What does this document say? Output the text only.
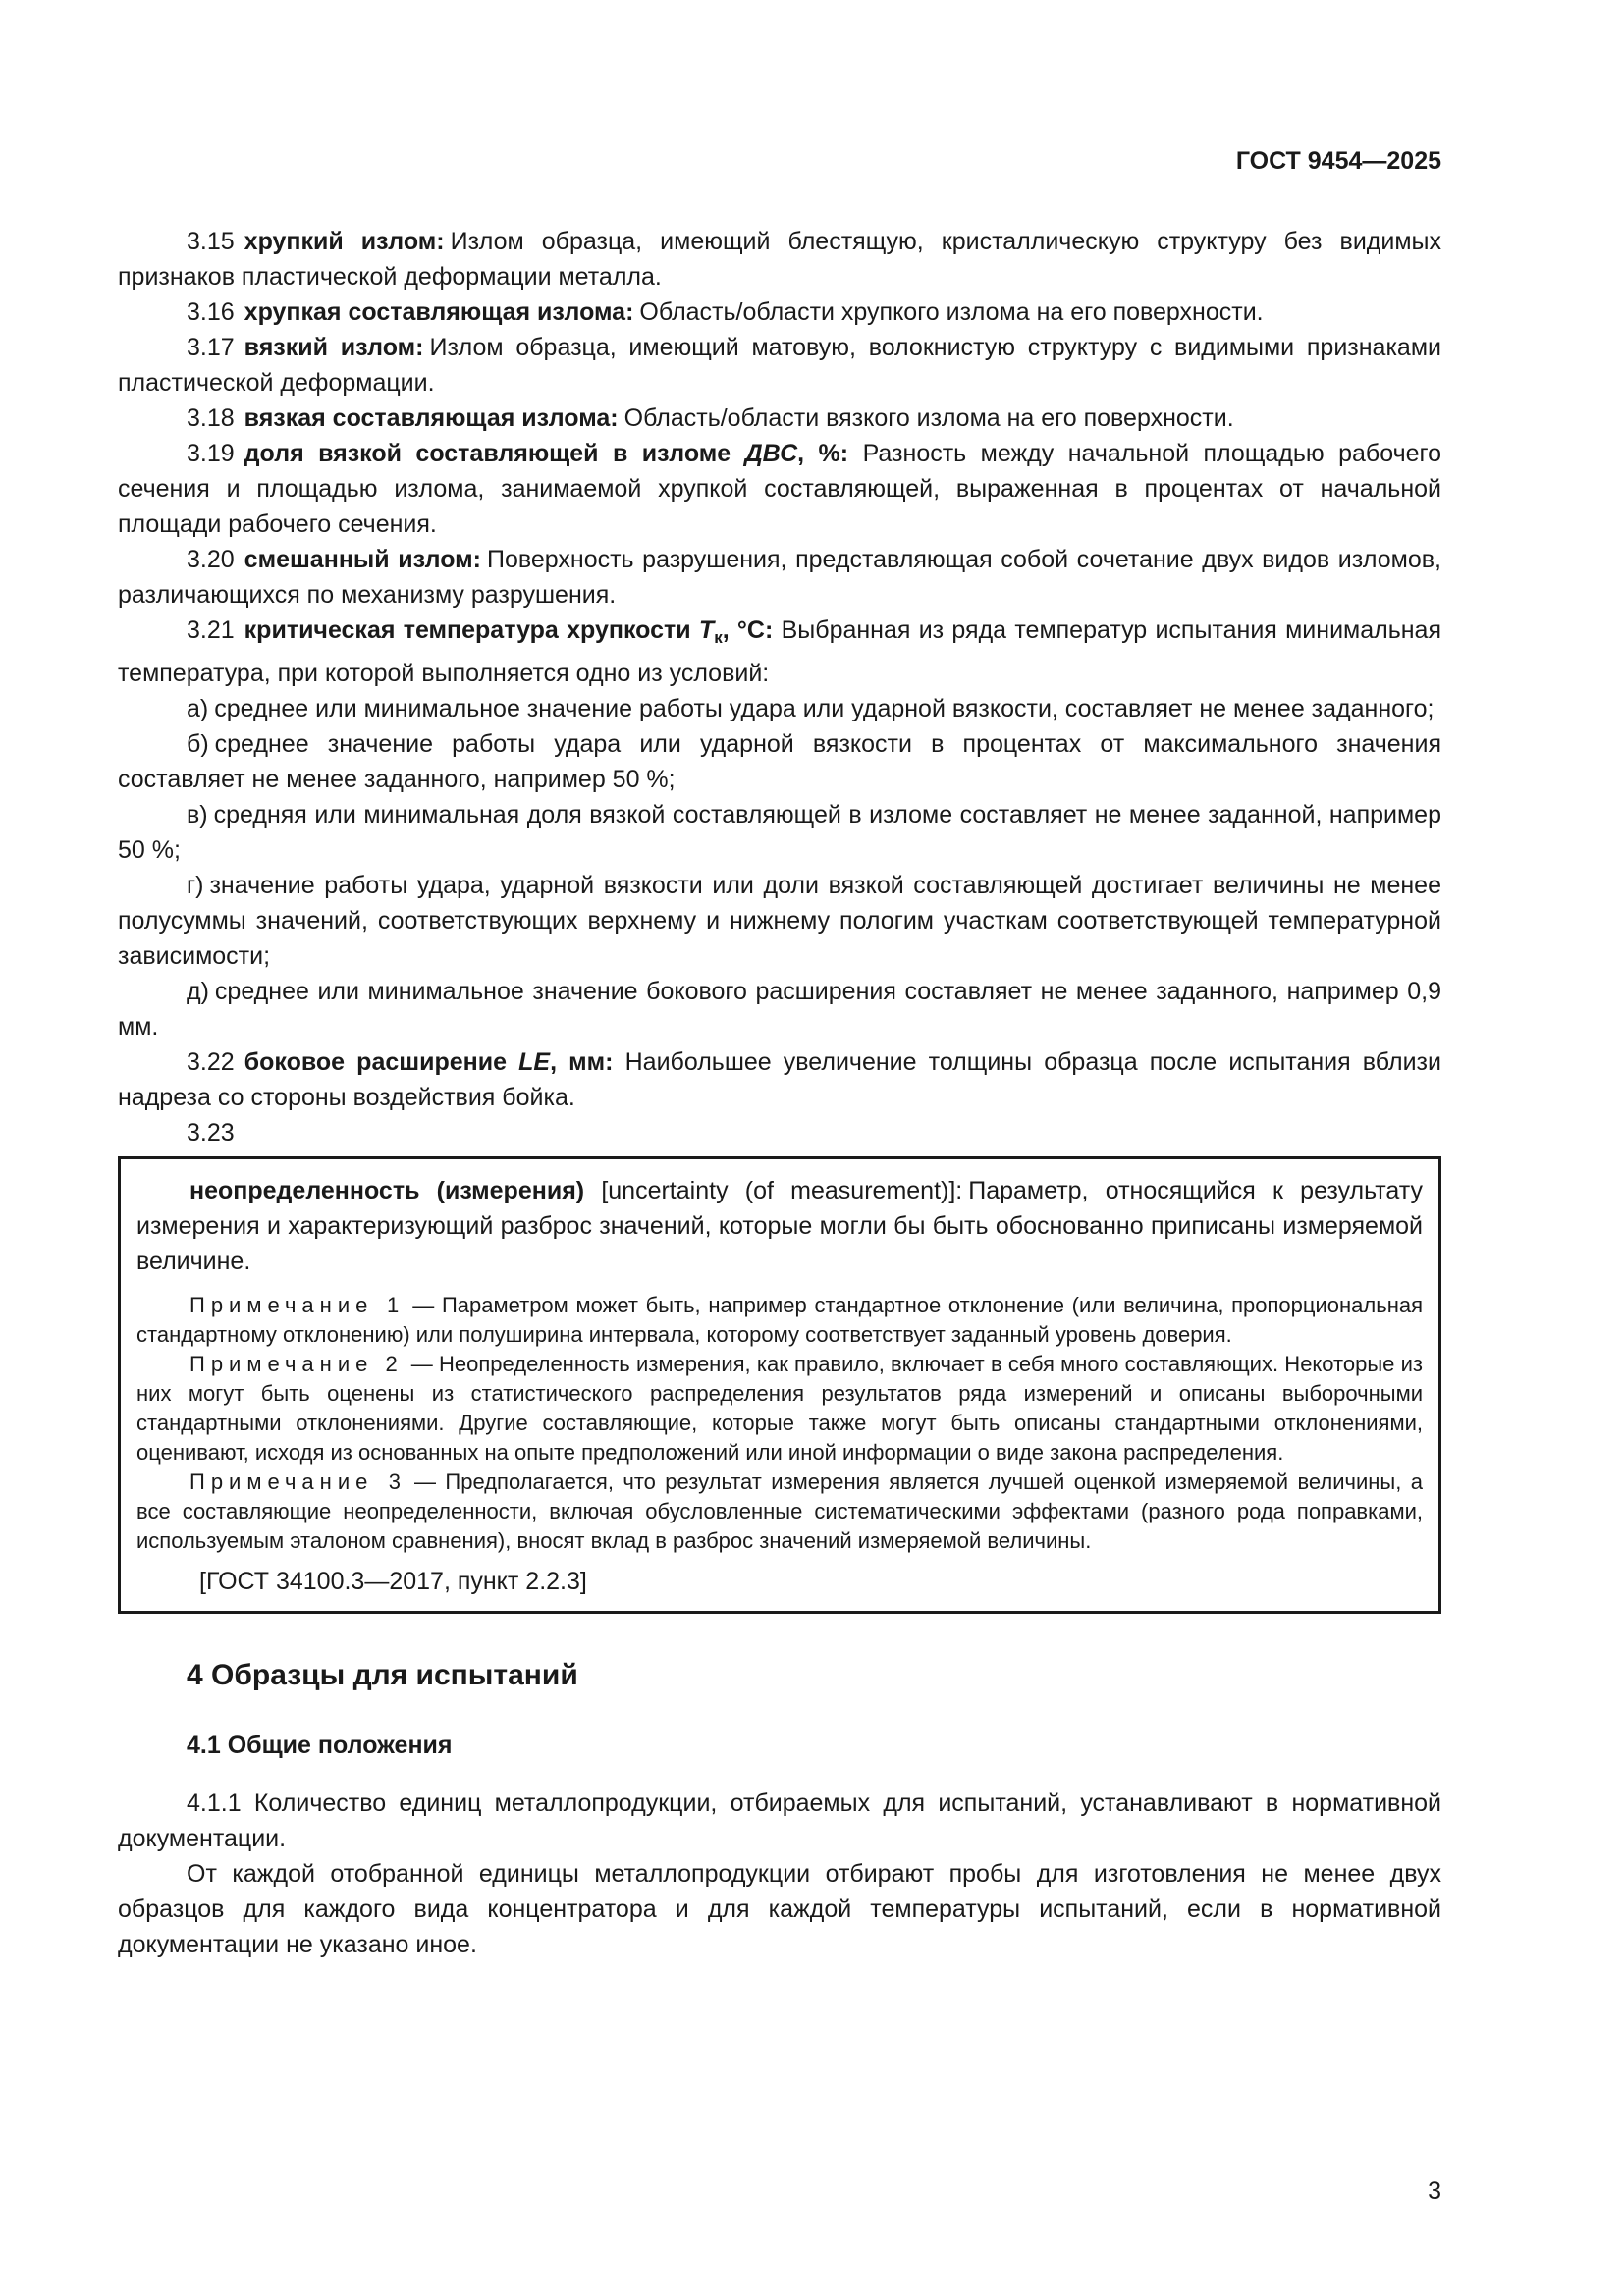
ГОСТ 9454—2025

3.15 хрупкий излом: Излом образца, имеющий блестящую, кристаллическую структуру без видимых признаков пластической деформации металла.

3.16 хрупкая составляющая излома: Область/области хрупкого излома на его поверхности.

3.17 вязкий излом: Излом образца, имеющий матовую, волокнистую структуру с видимыми признаками пластической деформации.

3.18 вязкая составляющая излома: Область/области вязкого излома на его поверхности.

3.19 доля вязкой составляющей в изломе ДВС, %: Разность между начальной площадью рабочего сечения и площадью излома, занимаемой хрупкой составляющей, выраженная в процентах от начальной площади рабочего сечения.

3.20 смешанный излом: Поверхность разрушения, представляющая собой сочетание двух видов изломов, различающихся по механизму разрушения.

3.21 критическая температура хрупкости $T_к$, °С: Выбранная из ряда температур испытания минимальная температура, при которой выполняется одно из условий:

а) среднее или минимальное значение работы удара или ударной вязкости, составляет не менее заданного;

б) среднее значение работы удара или ударной вязкости в процентах от максимального значения составляет не менее заданного, например 50 %;

в) средняя или минимальная доля вязкой составляющей в изломе составляет не менее заданной, например 50 %;

г) значение работы удара, ударной вязкости или доли вязкой составляющей достигает величины не менее полусуммы значений, соответствующих верхнему и нижнему пологим участкам соответствующей температурной зависимости;

д) среднее или минимальное значение бокового расширения составляет не менее заданного, например 0,9 мм.

3.22 боковое расширение LE, мм: Наибольшее увеличение толщины образца после испытания вблизи надреза со стороны воздействия бойка.

3.23

неопределенность (измерения) [uncertainty (of measurement)]: Параметр, относящийся к результату измерения и характеризующий разброс значений, которые могли бы быть обоснованно приписаны измеряемой величине.

Примечание 1 — Параметром может быть, например стандартное отклонение (или величина, пропорциональная стандартному отклонению) или полуширина интервала, которому соответствует заданный уровень доверия.

Примечание 2 — Неопределенность измерения, как правило, включает в себя много составляющих. Некоторые из них могут быть оценены из статистического распределения результатов ряда измерений и описаны выборочными стандартными отклонениями. Другие составляющие, которые также могут быть описаны стандартными отклонениями, оценивают, исходя из основанных на опыте предположений или иной информации о виде закона распределения.

Примечание 3 — Предполагается, что результат измерения является лучшей оценкой измеряемой величины, а все составляющие неопределенности, включая обусловленные систематическими эффектами (разного рода поправками, используемым эталоном сравнения), вносят вклад в разброс значений измеряемой величины.

[ГОСТ 34100.3—2017, пункт 2.2.3]

4 Образцы для испытаний
4.1 Общие положения

4.1.1 Количество единиц металлопродукции, отбираемых для испытаний, устанавливают в нормативной документации.

От каждой отобранной единицы металлопродукции отбирают пробы для изготовления не менее двух образцов для каждого вида концентратора и для каждой температуры испытаний, если в нормативной документации не указано иное.

3
